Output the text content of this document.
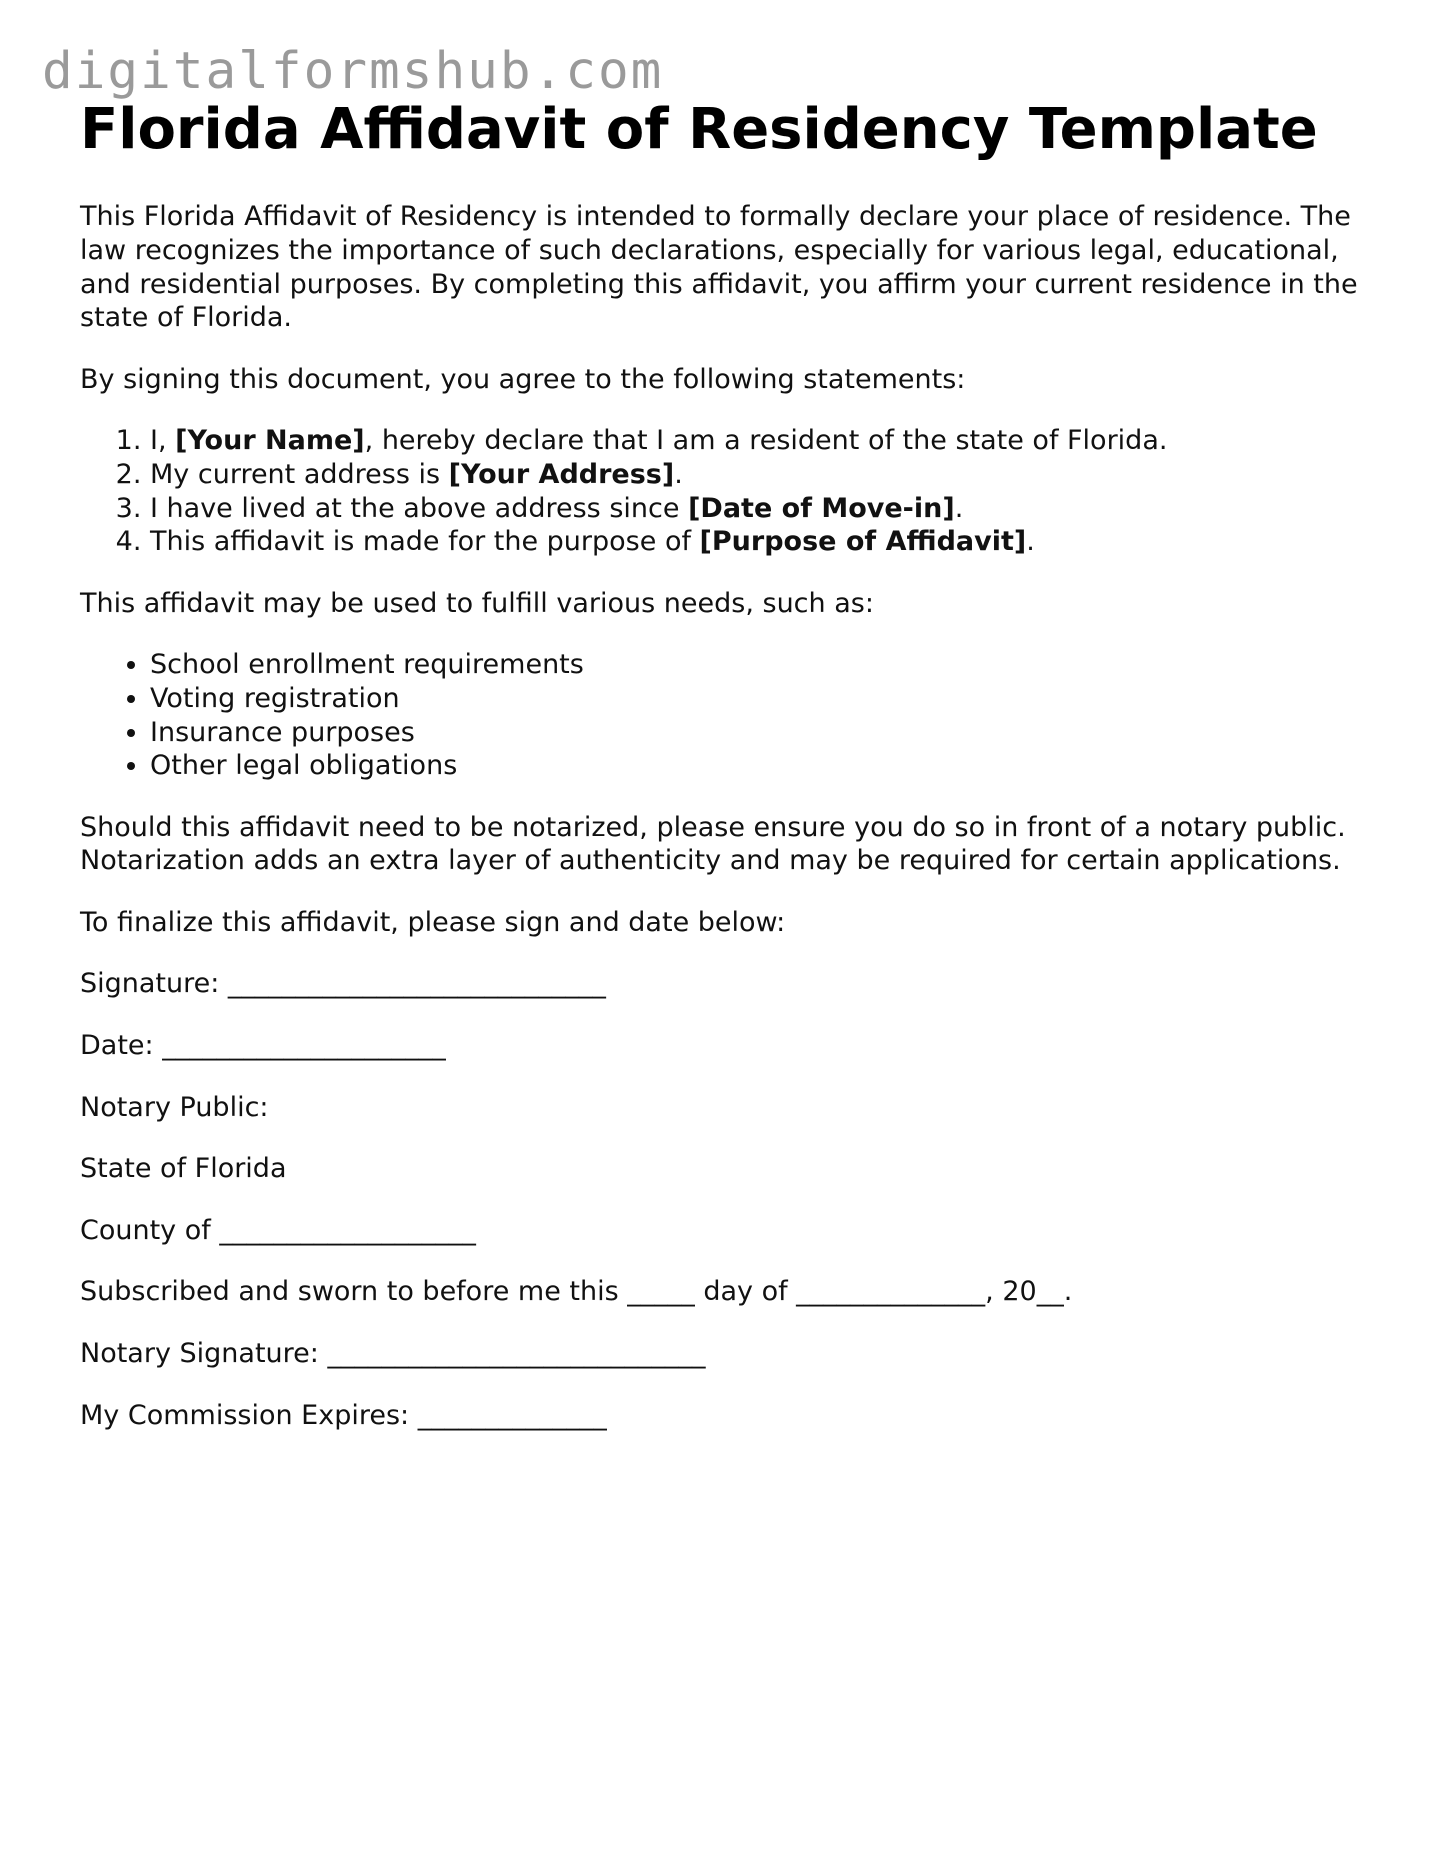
digitalformshub.com
Florida Affidavit of Residency Template

This Florida Affidavit of Residency is intended to formally declare your place of residence. The law recognizes the importance of such declarations, especially for various legal, educational, and residential purposes. By completing this affidavit, you affirm your current residence in the state of Florida.

By signing this document, you agree to the following statements:

1. I, [Your Name], hereby declare that I am a resident of the state of Florida.
2. My current address is [Your Address].
3. I have lived at the above address since [Date of Move-in].
4. This affidavit is made for the purpose of [Purpose of Affidavit].

This affidavit may be used to fulfill various needs, such as:

• School enrollment requirements
• Voting registration
• Insurance purposes
• Other legal obligations

Should this affidavit need to be notarized, please ensure you do so in front of a notary public. Notarization adds an extra layer of authenticity and may be required for certain applications.

To finalize this affidavit, please sign and date below:

Signature: ____________________________
Date: _____________________
Notary Public:
State of Florida
County of ___________________
Subscribed and sworn to before me this _____ day of ______________, 20__.
Notary Signature: ____________________________
My Commission Expires: ______________
